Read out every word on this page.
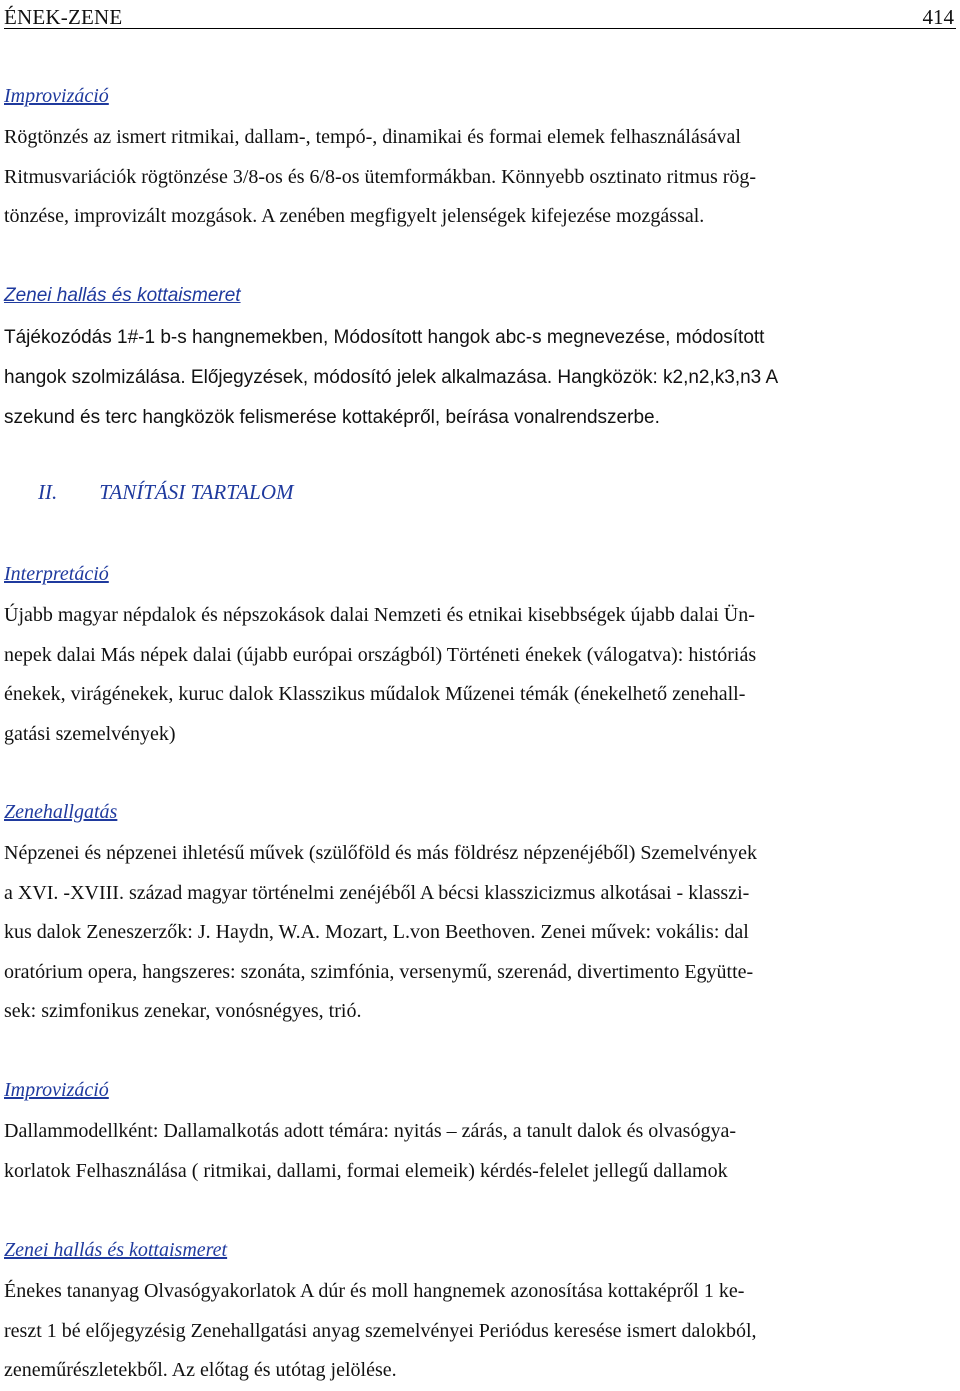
ÉNEK-ZENE	414
Improvizáció
Rögtönzés az ismert ritmikai, dallam-, tempó-, dinamikai és formai elemek felhasználásával
Ritmusvariációk rögtönzése 3/8-os és 6/8-os ütemformákban. Könnyebb osztinato ritmus rög-
tönzése, improvizált mozgások. A zenében megfigyelt jelenségek kifejezése mozgással.
Zenei hallás és kottaismeret
Tájékozódás 1#-1 b-s hangnemekben, Módosított hangok abc-s megnevezése, módosított
hangok szolmizálása. Előjegyzések, módosító jelek alkalmazása. Hangközök: k2,n2,k3,n3 A
szekund és terc hangközök felismerése kottaképről, beírása vonalrendszerbe.
II. TANÍTÁSI TARTALOM
Interpretáció
Újabb magyar népdalok és népszokások dalai Nemzeti és etnikai kisebbségek újabb dalai Ün-
nepek dalai Más népek dalai (újabb európai országból) Történeti énekek (válogatva): históriás
énekek, virágénekek, kuruc dalok Klasszikus műdalok Műzenei témák (énekelhető zenehall-
gatási szemelvények)
Zenehallgatás
Népzenei és népzenei ihletésű művek (szülőföld és más földrész népzenéjéből) Szemelvények
a XVI. -XVIII. század magyar történelmi zenéjéből A bécsi klasszicizmus alkotásai - klasszi-
kus dalok Zeneszerzők: J. Haydn, W.A. Mozart, L.von Beethoven. Zenei művek: vokális: dal
oratórium opera, hangszeres: szonáta, szimfónia, versenymű, szerenád, divertimento Együtte-
sek: szimfonikus zenekar, vonósnégyes, trió.
Improvizáció
Dallammodellként: Dallamalkotás adott témára: nyitás – zárás, a tanult dalok és olvasógya-
korlatok Felhasználása ( ritmikai, dallami, formai elemeik) kérdés-felelet jellegű dallamok
Zenei hallás és kottaismeret
Énekes tananyag Olvasógyakorlatok A dúr és moll hangnemek azonosítása kottaképről 1 ke-
reszt 1 bé előjegyzésig Zenehallgatási anyag szemelvényei Periódus keresése ismert dalokból,
zeneműrészletekből. Az előtag és utótag jelölése.
